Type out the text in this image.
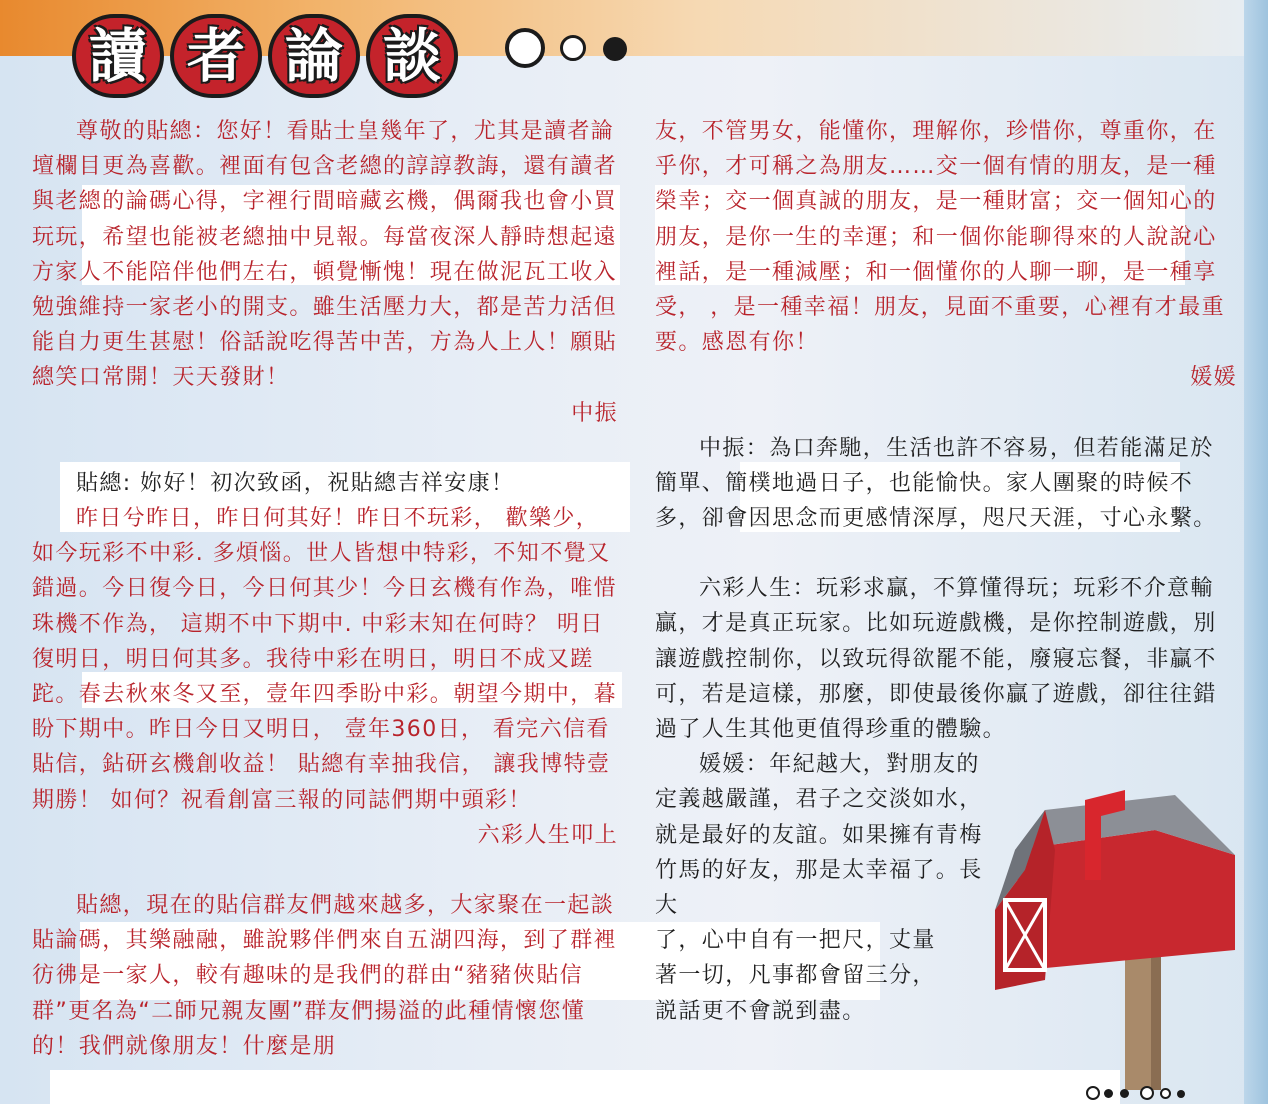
讀 者 論 談

尊敬的貼總：您好！看貼士皇幾年了，尤其是讀者論壇欄目更為喜歡。裡面有包含老總的諄諄教誨，還有讀者與老總的論碼心得，字裡行間暗藏玄機，偶爾我也會小買玩玩，希望也能被老總抽中見報。每當夜深人靜時想起遠方家人不能陪伴他們左右，頓覺慚愧！現在做泥瓦工收入勉強維持一家老小的開支。雖生活壓力大，都是苦力活但能自力更生甚慰！俗話說吃得苦中苦，方為人上人！願貼總笑口常開！天天發財！

中振

貼總: 妳好！初次致函，祝貼總吉祥安康！

昨日兮昨日，昨日何其好！昨日不玩彩， 歡樂少，如今玩彩不中彩. 多煩惱。世人皆想中特彩，不知不覺又錯過。今日復今日，今日何其少！今日玄機有作為，唯惜珠機不作為， 這期不中下期中. 中彩末知在何時？ 明日復明日，明日何其多。我待中彩在明日，明日不成又蹉跎。春去秋來冬又至，壹年四季盼中彩。朝望今期中，暮盼下期中。昨日今日又明日， 壹年360日， 看完六信看貼信，鉆研玄機創收益！ 貼總有幸抽我信， 讓我博特壹期勝！ 如何？祝看創富三報的同誌們期中頭彩！

六彩人生叩上

貼總，現在的貼信群友們越來越多，大家聚在一起談貼論碼，其樂融融，雖說夥伴們來自五湖四海，到了群裡彷彿是一家人，較有趣味的是我們的群由“豬豬俠貼信群”更名為“二師兄親友團”群友們揚溢的此種情懷您懂的！我們就像朋友！什麼是朋

友，不管男女，能懂你，理解你，珍惜你，尊重你，在乎你，才可稱之為朋友……交一個有情的朋友，是一種榮幸；交一個真誠的朋友，是一種財富；交一個知心的朋友，是你一生的幸運；和一個你能聊得來的人說說心裡話，是一種減壓；和一個懂你的人聊一聊，是一種享受， ，是一種幸福！朋友，見面不重要，心裡有才最重要。感恩有你！

媛媛

中振：為口奔馳，生活也許不容易，但若能滿足於簡單、簡樸地過日子，也能愉快。家人團聚的時候不多，卻會因思念而更感情深厚，咫尺天涯，寸心永繫。

六彩人生：玩彩求贏，不算懂得玩；玩彩不介意輸贏，才是真正玩家。比如玩遊戲機，是你控制遊戲，別讓遊戲控制你，以致玩得欲罷不能，廢寢忘餐，非贏不可，若是這樣，那麼，即使最後你贏了遊戲，卻往往錯過了人生其他更值得珍重的體驗。

媛媛：年紀越大，對朋友的定義越嚴謹，君子之交淡如水，就是最好的友誼。如果擁有青梅竹馬的好友，那是太幸福了。長大

了，心中自有一把尺，丈量
著一切，凡事都會留三分，
説話更不會説到盡。
